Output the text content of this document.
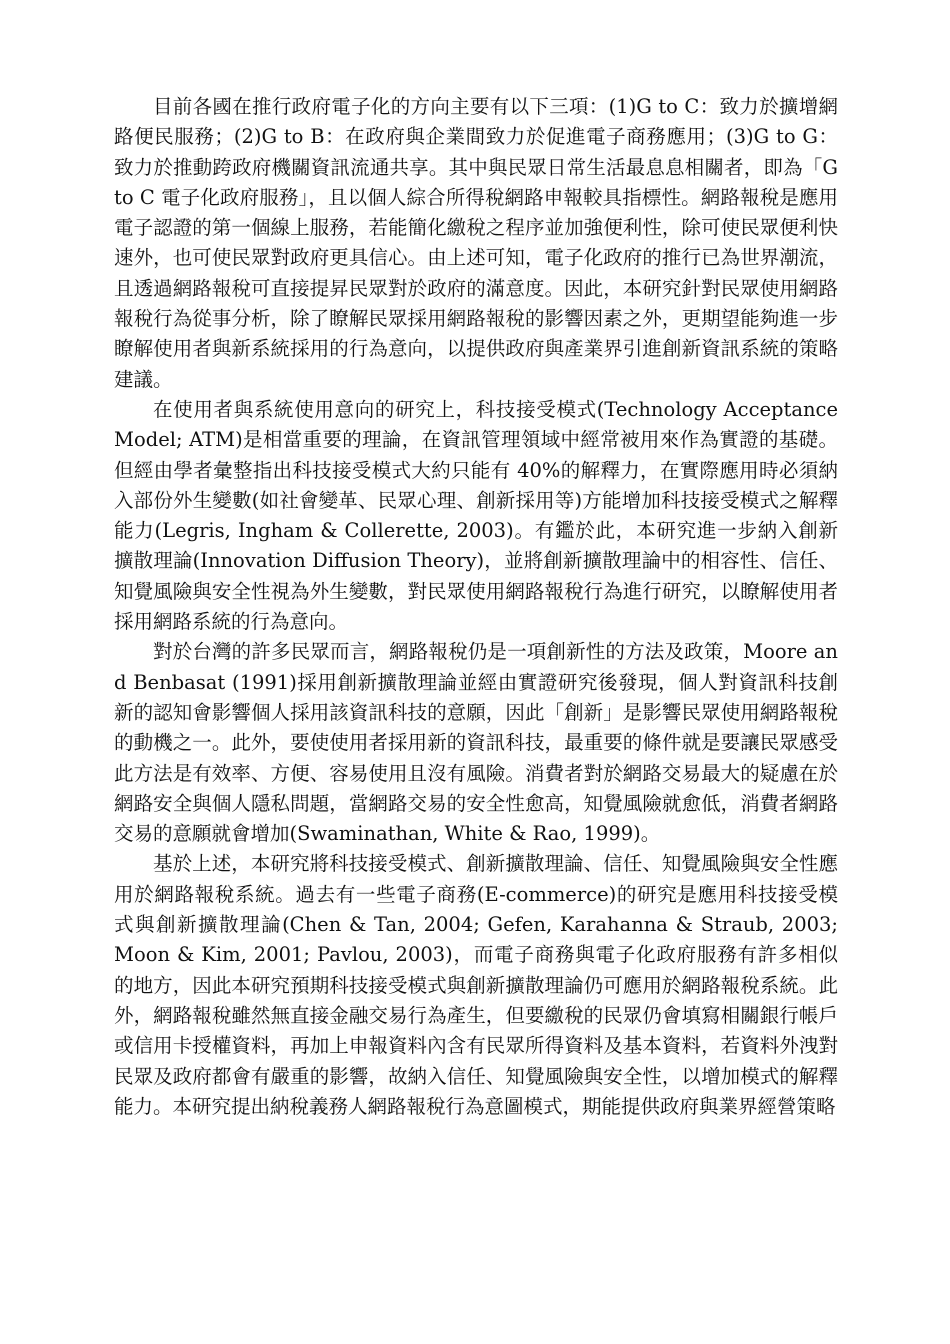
目前各國在推行政府電子化的方向主要有以下三項：(1)G to C：致力於擴增網路便民服務；(2)G to B：在政府與企業間致力於促進電子商務應用；(3)G to G：致力於推動跨政府機關資訊流通共享。其中與民眾日常生活最息息相關者，即為「G to C 電子化政府服務」，且以個人綜合所得稅網路申報較具指標性。網路報稅是應用電子認證的第一個線上服務，若能簡化繳稅之程序並加強便利性，除可使民眾便利快速外，也可使民眾對政府更具信心。由上述可知，電子化政府的推行已為世界潮流，且透過網路報稅可直接提昇民眾對於政府的滿意度。因此，本研究針對民眾使用網路報稅行為從事分析，除了瞭解民眾採用網路報稅的影響因素之外，更期望能夠進一步瞭解使用者與新系統採用的行為意向，以提供政府與產業界引進創新資訊系統的策略建議。

在使用者與系統使用意向的研究上，科技接受模式(Technology Acceptance Model; ATM)是相當重要的理論，在資訊管理領域中經常被用來作為實證的基礎。但經由學者彙整指出科技接受模式大約只能有 40%的解釋力，在實際應用時必須納入部份外生變數(如社會變革、民眾心理、創新採用等)方能增加科技接受模式之解釋能力(Legris, Ingham & Collerette, 2003)。有鑑於此，本研究進一步納入創新擴散理論(Innovation Diffusion Theory)，並將創新擴散理論中的相容性、信任、知覺風險與安全性視為外生變數，對民眾使用網路報稅行為進行研究，以瞭解使用者採用網路系統的行為意向。

對於台灣的許多民眾而言，網路報稅仍是一項創新性的方法及政策，Moore and Benbasat (1991)採用創新擴散理論並經由實證研究後發現，個人對資訊科技創新的認知會影響個人採用該資訊科技的意願，因此「創新」是影響民眾使用網路報稅的動機之一。此外，要使使用者採用新的資訊科技，最重要的條件就是要讓民眾感受此方法是有效率、方便、容易使用且沒有風險。消費者對於網路交易最大的疑慮在於網路安全與個人隱私問題，當網路交易的安全性愈高，知覺風險就愈低，消費者網路交易的意願就會增加(Swaminathan, White & Rao, 1999)。

基於上述，本研究將科技接受模式、創新擴散理論、信任、知覺風險與安全性應用於網路報稅系統。過去有一些電子商務(E-commerce)的研究是應用科技接受模式與創新擴散理論(Chen & Tan, 2004; Gefen, Karahanna & Straub, 2003; Moon & Kim, 2001; Pavlou, 2003)，而電子商務與電子化政府服務有許多相似的地方，因此本研究預期科技接受模式與創新擴散理論仍可應用於網路報稅系統。此外，網路報稅雖然無直接金融交易行為產生，但要繳稅的民眾仍會填寫相關銀行帳戶或信用卡授權資料，再加上申報資料內含有民眾所得資料及基本資料，若資料外洩對民眾及政府都會有嚴重的影響，故納入信任、知覺風險與安全性，以增加模式的解釋能力。本研究提出納稅義務人網路報稅行為意圖模式，期能提供政府與業界經營策略
